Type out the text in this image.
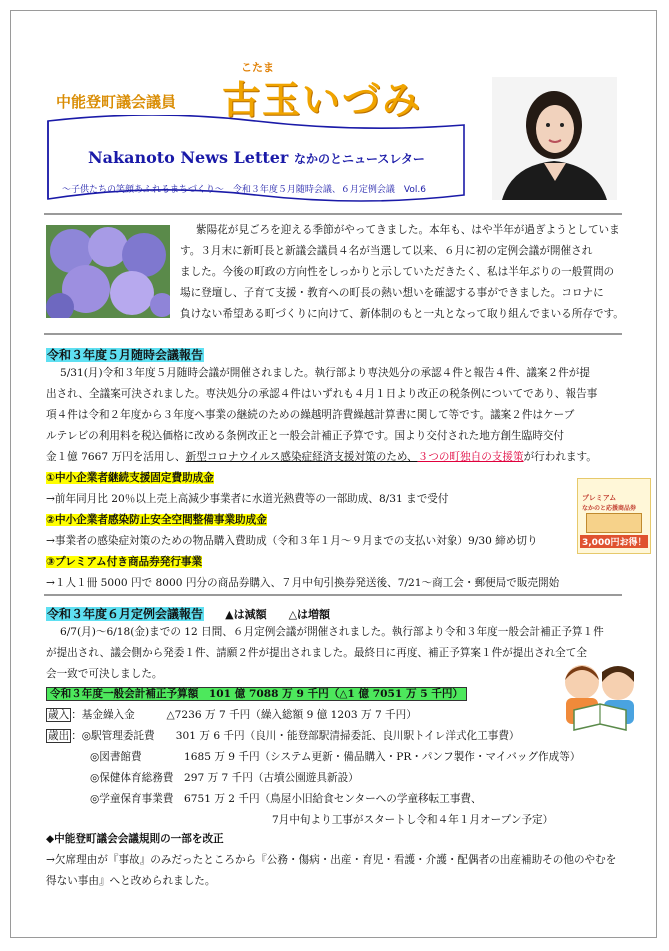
中能登町議会議員
こたま
古玉いづみ
Nakanoto News Letter なかのとニュースレター
～子供たちの笑顔あふれるまちづくり～　令和３年度５月随時会議、６月定例会議　Vol.6
紫陽花が見ごろを迎える季節がやってきました。本年も、はや半年が過ぎようとしていま
す。３月末に新町長と新議会議員４名が当選して以来、６月に初の定例会議が開催され
ました。今後の町政の方向性をしっかりと示していただきたく、私は半年ぶりの一般質問の
場に登壇し、子育て支援・教育への町長の熱い想いを確認する事ができました。コロナに
負けない希望ある町づくりに向けて、新体制のもと一丸となって取り組んでまいる所存です。
令和３年度５月随時会議報告
5/31(月)令和３年度５月随時会議が開催されました。執行部より専決処分の承認４件と報告４件、議案２件が提
出され、全議案可決されました。専決処分の承認４件はいずれも４月１日より改正の税条例についてであり、報告事
項４件は令和２年度から３年度へ事業の継続のための繰越明許費繰越計算書に関して等です。議案２件はケーブ
ルテレビの利用料を税込価格に改める条例改正と一般会計補正予算です。国より交付された地方創生臨時交付
金１億 7667 万円を活用し、新型コロナウイルス感染症経済支援対策のため、３つの町独自の支援策が行われます。
①中小企業者継続支援固定費助成金
→前年同月比 20％以上売上高減少事業者に水道光熱費等の一部助成、8/31 まで受付
②中小企業者感染防止安全空間整備事業助成金
→事業者の感染症対策のための物品購入費助成（令和３年１月～９月までの支払い対象）9/30 締め切り
③プレミアム付き商品券発行事業
→１人１冊 5000 円で 8000 円分の商品券購入、７月中旬引換券発送後、7/21～商工会・郵便局で販売開始
プレミアム
なかのと応援商品券
3,000円お得！
令和３年度６月定例会議報告 ▲は減額　　△は増額
6/7(月)～6/18(金)までの 12 日間、６月定例会議が開催されました。執行部より令和３年度一般会計補正予算１件
が提出され、議会側から発委１件、請願２件が提出されました。最終日に再度、補正予算案１件が提出され全て全
会一致で可決しました。
令和３年度一般会計補正予算額　101 億 7088 万 9 千円（△1 億 7051 万 5 千円）
歳入 ：基金繰入金　　　△7236 万 7 千円（繰入総額 9 億 1203 万 7 千円）
歳出 ：◎駅管理委託費　　301 万 6 千円（良川・能登部駅清掃委託、良川駅トイレ洋式化工事費）
◎図書館費　　　　1685 万 9 千円（システム更新・備品購入・PR・パンフ製作・マイバッグ作成等）
◎保健体育総務費　297 万 7 千円（古墳公園遊具新設）
◎学童保育事業費　6751 万 2 千円（鳥屋小旧給食センターへの学童移転工事費、
7月中旬より工事がスタートし令和４年１月オープン予定）
◆中能登町議会会議規則の一部を改正
→欠席理由が『事故』のみだったところから『公務・傷病・出産・育児・看護・介護・配偶者の出産補助その他のやむを
得ない事由』へと改められました。
